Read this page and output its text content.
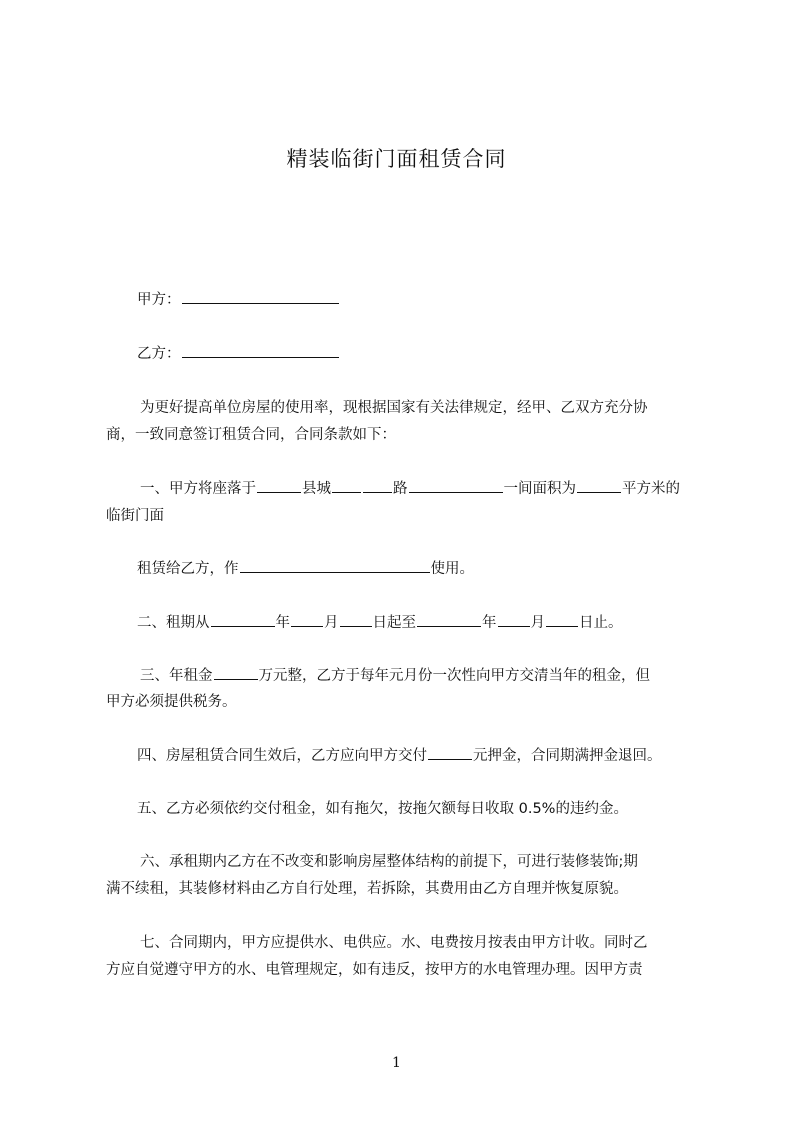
精装临街门面租赁合同
甲方：
乙方：
为更好提高单位房屋的使用率，现根据国家有关法律规定，经甲、乙双方充分协
商，一致同意签订租赁合同，合同条款如下：
一、甲方将座落于	县城	路	一间面积为	平方米的
临街门面
租赁给乙方，作	使用。
二、租期从	年 月 日起至	年 月 日止。
三、年租金	万元整，乙方于每年元月份一次性向甲方交清当年的租金，但
甲方必须提供税务。
四、房屋租赁合同生效后，乙方应向甲方交付	元押金，合同期满押金退回。
五、乙方必须依约交付租金，如有拖欠，按拖欠额每日收取 0.5%的违约金。
六、承租期内乙方在不改变和影响房屋整体结构的前提下，可进行装修装饰;期
满不续租，其装修材料由乙方自行处理，若拆除，其费用由乙方自理并恢复原貌。
七、合同期内，甲方应提供水、电供应。水、电费按月按表由甲方计收。同时乙
方应自觉遵守甲方的水、电管理规定，如有违反，按甲方的水电管理办理。因甲方责
1
